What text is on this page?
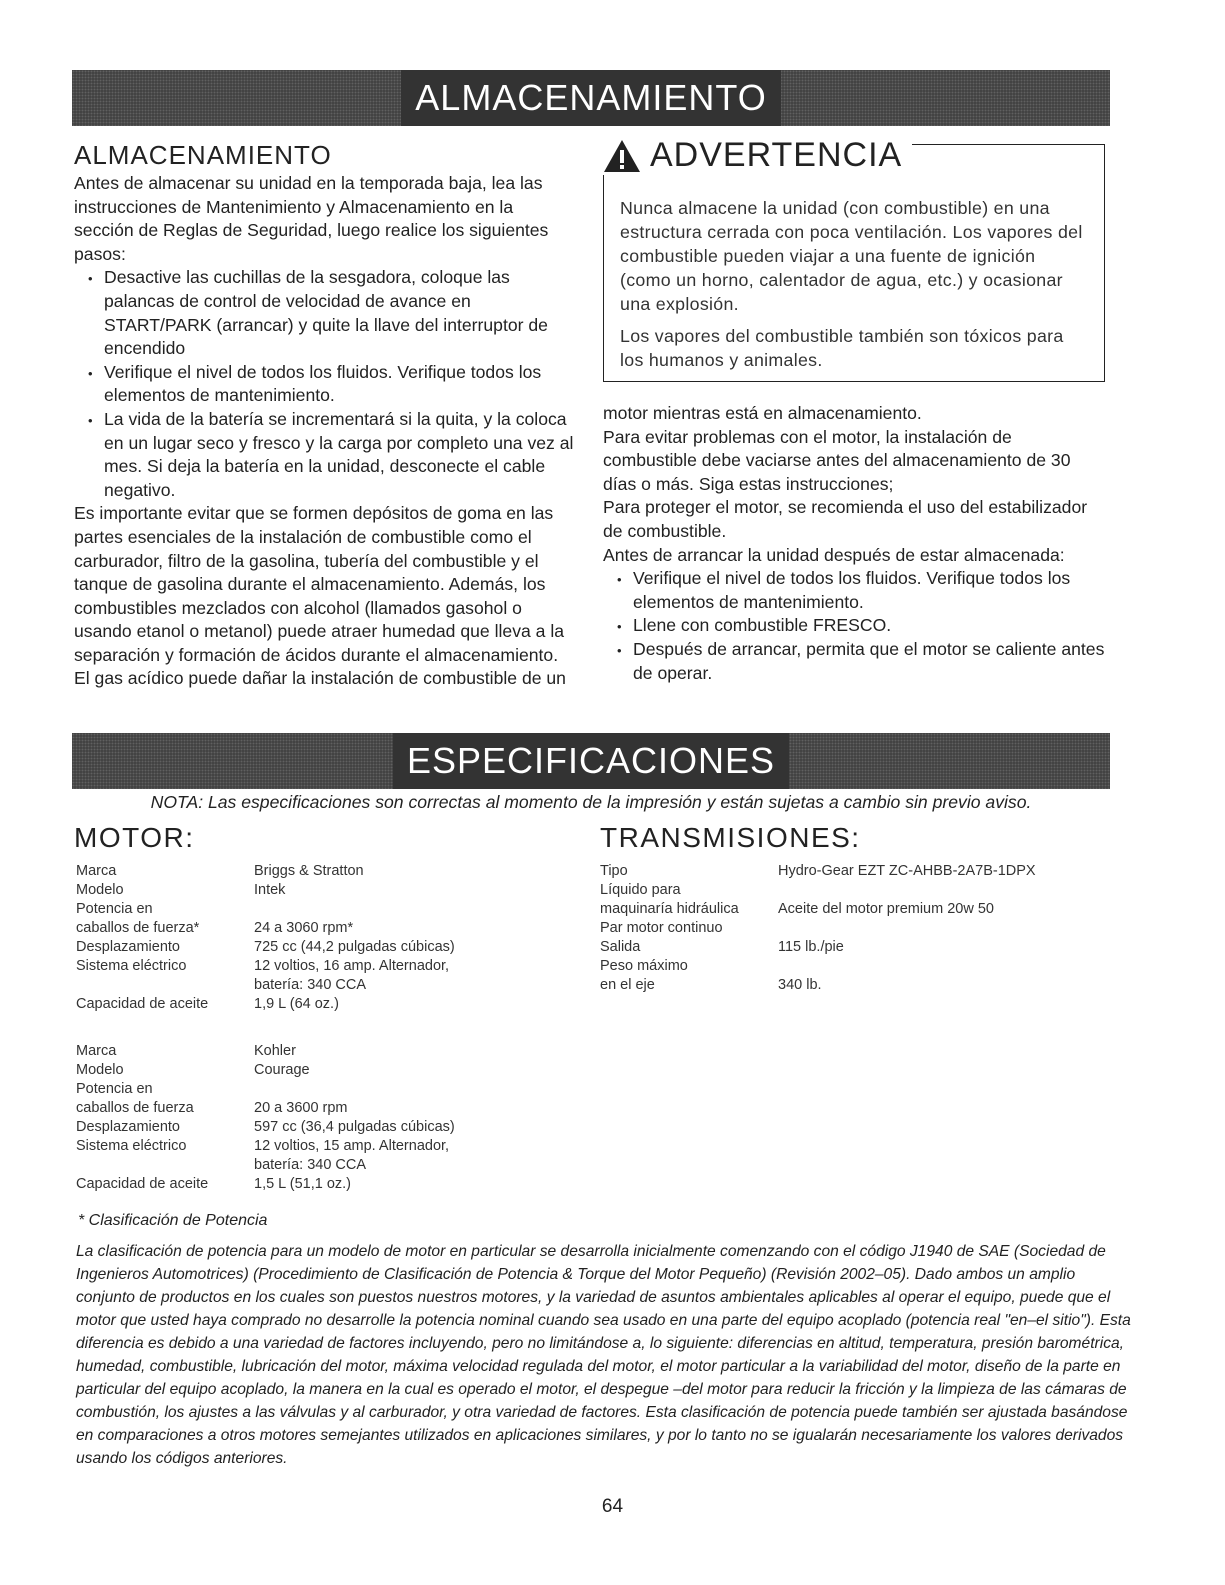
ALMACENAMIENTO
ALMACENAMIENTO

Antes de almacenar su unidad en la temporada baja, lea las instrucciones de Mantenimiento y Almacenamiento en la sección de Reglas de Seguridad, luego realice los siguientes pasos:

• Desactive las cuchillas de la sesgadora, coloque las palancas de control de velocidad de avance en START/PARK (arrancar) y quite la llave del interruptor de encendido
• Verifique el nivel de todos los fluidos. Verifique todos los elementos de mantenimiento.
• La vida de la batería se incrementará si la quita, y la coloca en un lugar seco y fresco y la carga por completo una vez al mes. Si deja la batería en la unidad, desconecte el cable negativo.

Es importante evitar que se formen depósitos de goma en las partes esenciales de la instalación de combustible como el carburador, filtro de la gasolina, tubería del combustible y el tanque de gasolina durante el almacenamiento. Además, los combustibles mezclados con alcohol (llamados gasohol o usando etanol o metanol) puede atraer humedad que lleva a la separación y formación de ácidos durante el almacenamiento. El gas acídico puede dañar la instalación de combustible de un

ADVERTENCIA

Nunca almacene la unidad (con combustible) en una estructura cerrada con poca ventilación. Los vapores del combustible pueden viajar a una fuente de ignición (como un horno, calentador de agua, etc.) y ocasionar una explosión.

Los vapores del combustible también son tóxicos para los humanos y animales.

motor mientras está en almacenamiento.

Para evitar problemas con el motor, la instalación de combustible debe vaciarse antes del almacenamiento de 30 días o más. Siga estas instrucciones;

Para proteger el motor, se recomienda el uso del estabilizador de combustible.

Antes de arrancar la unidad después de estar almacenada:

• Verifique el nivel de todos los fluidos. Verifique todos los elementos de mantenimiento.
• Llene con combustible FRESCO.
• Después de arrancar, permita que el motor se caliente antes de operar.
ESPECIFICACIONES
NOTA: Las especificaciones son correctas al momento de la impresión y están sujetas a cambio sin previo aviso.
MOTOR:	TRANSMISIONES:
Marca	Briggs & Stratton
Modelo	Intek
Potencia en
caballos de fuerza*	24 a 3060 rpm*
Desplazamiento	725 cc (44,2 pulgadas cúbicas)
Sistema eléctrico	12 voltios, 16 amp. Alternador,
batería: 340 CCA
Capacidad de aceite	1,9 L (64 oz.)
Marca	Kohler
Modelo	Courage
Potencia en
caballos de fuerza	20 a 3600 rpm
Desplazamiento	597 cc (36,4 pulgadas cúbicas)
Sistema eléctrico	12 voltios, 15 amp. Alternador,
batería: 340 CCA
Capacidad de aceite	1,5 L (51,1 oz.)
Tipo	Hydro-Gear EZT ZC-AHBB-2A7B-1DPX
Líquido para
maquinaría hidráulica	Aceite del motor premium 20w 50
Par motor continuo
Salida	115 lb./pie
Peso máximo
en el eje	340 lb.
* Clasificación de Potencia
La clasificación de potencia para un modelo de motor en particular se desarrolla inicialmente comenzando con el código J1940 de SAE (Sociedad de Ingenieros Automotrices) (Procedimiento de Clasificación de Potencia & Torque del Motor Pequeño) (Revisión 2002–05). Dado ambos un amplio conjunto de productos en los cuales son puestos nuestros motores, y la variedad de asuntos ambientales aplicables al operar el equipo, puede que el motor que usted haya comprado no desarrolle la potencia nominal cuando sea usado en una parte del equipo acoplado (potencia real "en–el sitio"). Esta diferencia es debido a una variedad de factores incluyendo, pero no limitándose a, lo siguiente: diferencias en altitud, temperatura, presión barométrica, humedad, combustible, lubricación del motor, máxima velocidad regulada del motor, el motor particular a la variabilidad del motor, diseño de la parte en particular del equipo acoplado, la manera en la cual es operado el motor, el despegue –del motor para reducir la fricción y la limpieza de las cámaras de combustión, los ajustes a las válvulas y al carburador, y otra variedad de factores. Esta clasificación de potencia puede también ser ajustada basándose en comparaciones a otros motores semejantes utilizados en aplicaciones similares, y por lo tanto no se igualarán necesariamente los valores derivados usando los códigos anteriores.
64
